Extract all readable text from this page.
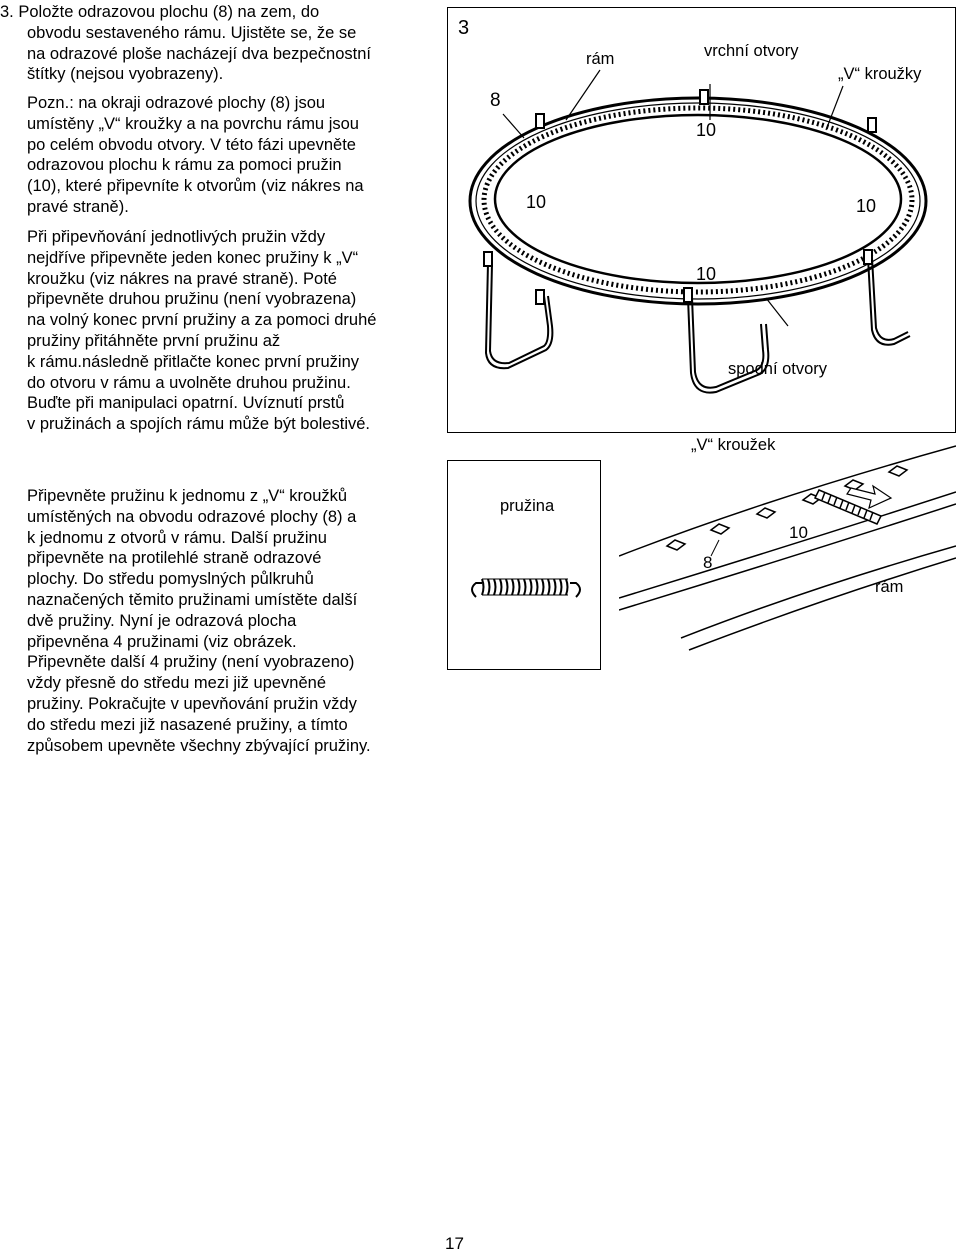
3. Položte odrazovou plochu (8) na zem, do
obvodu sestaveného rámu. Ujistěte se, že se
na odrazové ploše nacházejí dva bezpečnostní
štítky (nejsou vyobrazeny).
Pozn.: na okraji odrazové plochy (8) jsou
umístěny „V“ kroužky a na povrchu rámu jsou
po celém obvodu otvory. V této fázi upevněte
odrazovou plochu k rámu za pomoci pružin
(10), které připevníte k otvorům (viz nákres na
pravé straně).
Při připevňování jednotlivých pružin vždy
nejdříve připevněte jeden konec pružiny k „V“
kroužku (viz nákres na pravé straně). Poté
připevněte druhou pružinu (není vyobrazena)
na volný konec první pružiny a za pomoci druhé
pružiny přitáhněte první pružinu až
k rámu.následně přitlačte konec první pružiny
do otvoru v rámu a uvolněte druhou pružinu.
Buďte při manipulaci opatrní. Uvíznutí prstů
v pružinách a spojích rámu může být bolestivé.
Připevněte pružinu k jednomu z „V“ kroužků
umístěných na obvodu odrazové plochy (8) a
k jednomu z otvorů v rámu. Další pružinu
připevněte na protilehlé straně odrazové
plochy. Do středu pomyslných půlkruhů
naznačených těmito pružinami umístěte další
dvě pružiny. Nyní je odrazová plocha
připevněna 4 pružinami (viz obrázek.
Připevněte další 4 pružiny (není vyobrazeno)
vždy přesně do středu mezi již upevněné
pružiny. Pokračujte v upevňování pružin vždy
do středu mezi již nasazené pružiny, a tímto
způsobem upevněte všechny zbývající pružiny.
3
8
10
10	10
10
rám	vrchní otvory
„V“ kroužky
spodní otvory
pružina
8
10
„V“ kroužek
rám
17
